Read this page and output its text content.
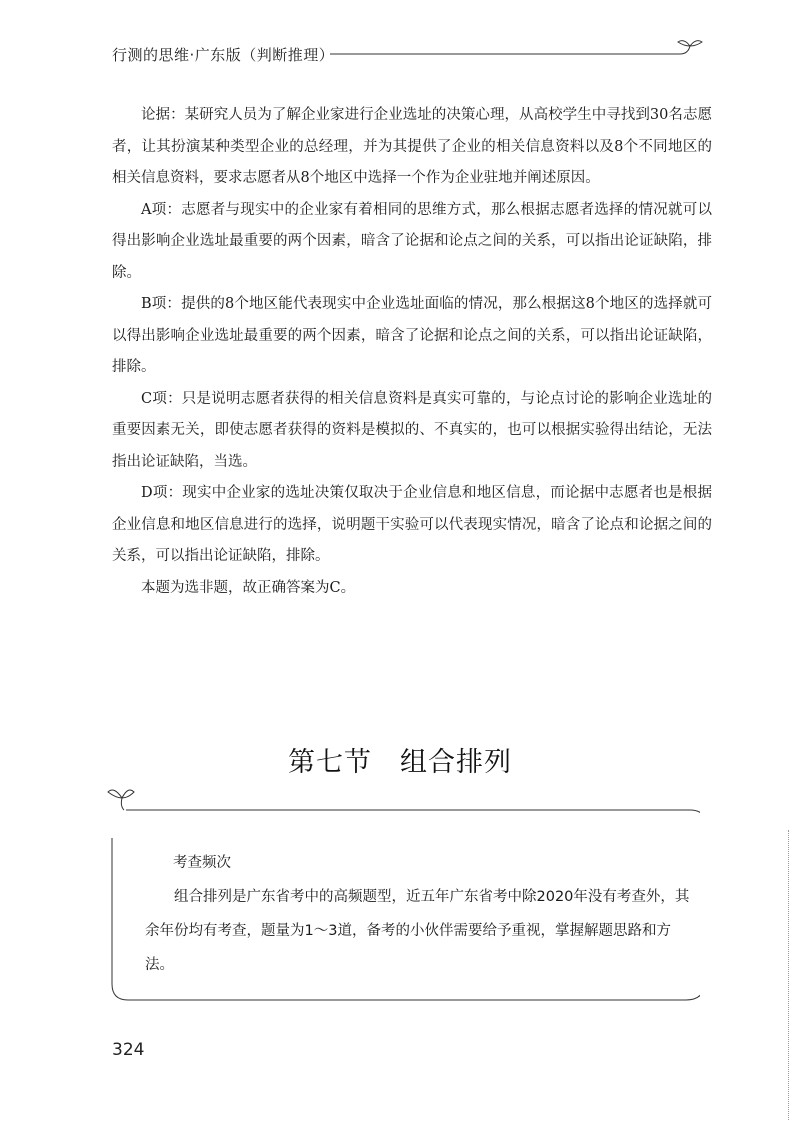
行测的思维·广东版（判断推理）

论据：某研究人员为了解企业家进行企业选址的决策心理，从高校学生中寻找到30名志愿者，让其扮演某种类型企业的总经理，并为其提供了企业的相关信息资料以及8个不同地区的相关信息资料，要求志愿者从8个地区中选择一个作为企业驻地并阐述原因。

A项：志愿者与现实中的企业家有着相同的思维方式，那么根据志愿者选择的情况就可以得出影响企业选址最重要的两个因素，暗含了论据和论点之间的关系，可以指出论证缺陷，排除。

B项：提供的8个地区能代表现实中企业选址面临的情况，那么根据这8个地区的选择就可以得出影响企业选址最重要的两个因素，暗含了论据和论点之间的关系，可以指出论证缺陷，排除。

C项：只是说明志愿者获得的相关信息资料是真实可靠的，与论点讨论的影响企业选址的重要因素无关，即使志愿者获得的资料是模拟的、不真实的，也可以根据实验得出结论，无法指出论证缺陷，当选。

D项：现实中企业家的选址决策仅取决于企业信息和地区信息，而论据中志愿者也是根据企业信息和地区信息进行的选择，说明题干实验可以代表现实情况，暗含了论点和论据之间的关系，可以指出论证缺陷，排除。

本题为选非题，故正确答案为C。

第七节　组合排列
考查频次

组合排列是广东省考中的高频题型，近五年广东省考中除2020年没有考查外，其余年份均有考查，题量为1～3道，备考的小伙伴需要给予重视，掌握解题思路和方法。

324
